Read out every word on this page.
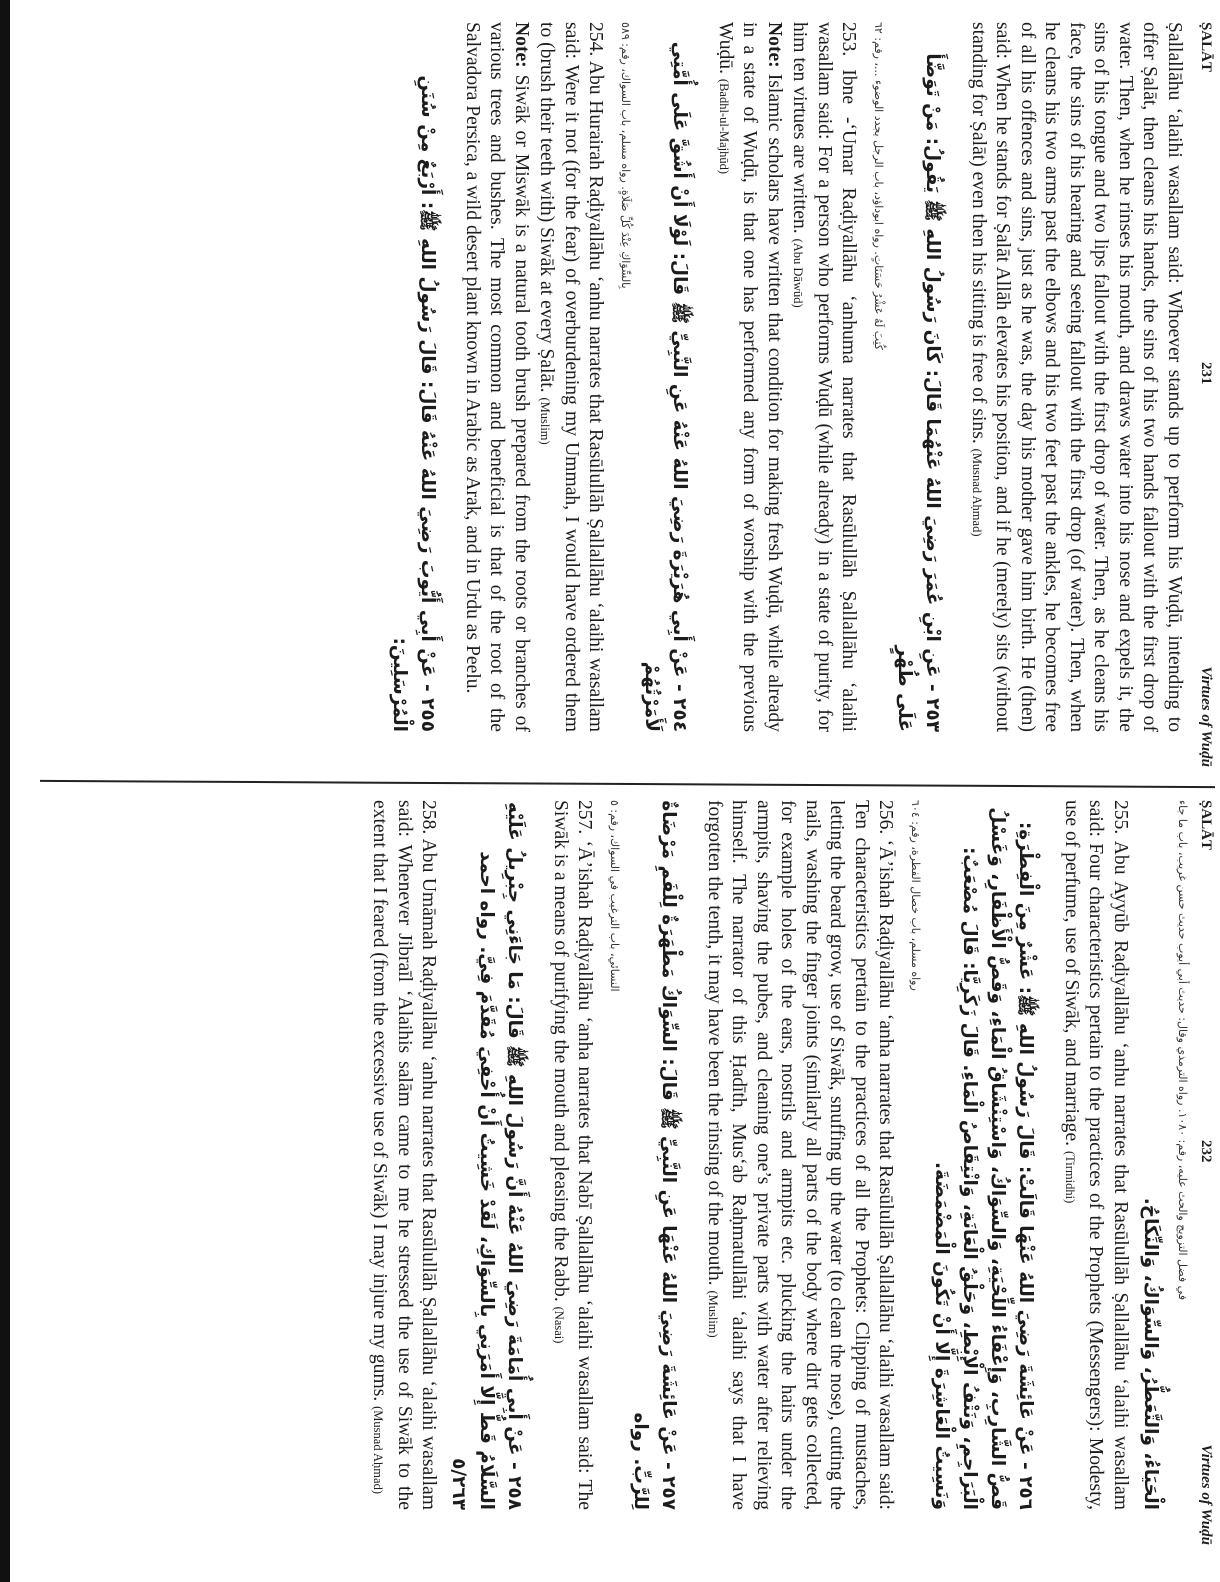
ṢALĀT
231
Virtues of Wuḍū

Ṣallallāhu ‘alaihi wasallam said: Whoever stands up to perform his Wuḍū, intending to offer Ṣalāt, then cleans his hands, the sins of his two hands fallout with the first drop of water. Then, when he rinses his mouth, and draws water into his nose and expels it, the sins of his tongue and two lips fallout with the first drop of water. Then, as he cleans his face, the sins of his hearing and seeing fallout with the first drop (of water). Then, when he cleans his two arms past the elbows and his two feet past the ankles, he becomes free of all his offences and sins, just as he was, the day his mother gave him birth. He (then) said: When he stands for Ṣalāt Allāh elevates his position, and if he (merely) sits (without standing for Ṣalāt) even then his sitting is free of sins. (Musnad Aḥmad)

٢٥٣ - عَنِ ابْنِ عُمَرَ رَضِيَ اللهُ عَنْهُمَا قَالَ: كَانَ رَسُولُ اللهِ ﷺ يَقُولُ: مَنْ تَوَضَّأَ عَلَى طُهْرٍ

كُتِبَ لَهُ عَشْرُ حَسَنَاتٍ. رواه ابوداؤد، باب الرجل يجدد الوضوء ...، رقم: ٦٢

253. Ibne -‘Umar Raḍiyallāhu ‘anhuma narrates that Rasūlullāh Ṣallallāhu ‘alaihi wasallam said: For a person who performs Wuḍū (while already) in a state of purity, for him ten virtues are written. (Abu Dāwūd)

Note: Islamic scholars have written that condition for making fresh Wuḍū, while already in a state of Wuḍū, is that one has performed any form of worship with the previous Wuḍū. (Badhl-ul-Majhūd)

٢٥٤ - عَنْ أَبِي هُرَيْرَةَ رَضِيَ اللهُ عَنْهُ عَنِ النَّبِيِّ ﷺ قَالَ: لَوْلَا أَنْ أَشُقَّ عَلَى أُمَّتِي لَأَمَرْتُهُمْ

بِالسِّوَاكِ عِنْدَ كُلِّ صَلَاةٍ. رواه مسلم، باب السواك، رقم: ٥٨٩

254. Abu Hurairah Raḍiyallāhu ‘anhu narrates that Rasūlullāh Ṣallallāhu ‘alaihi wasallam said: Were it not (for the fear) of overburdening my Ummah, I would have ordered them to (brush their teeth with) Siwāk at every Ṣalāt. (Muslim)

Note: Siwāk or Miswāk is a natural tooth brush prepared from the roots or branches of various trees and bushes. The most common and beneficial is that of the root of the Salvadora Persica, a wild desert plant known in Arabic as Arak, and in Urdu as Peelu.

٢٥٥ - عَنْ أَبِي أَيُّوبَ رَضِيَ اللهُ عَنْهُ قَالَ: قَالَ رَسُولُ اللهِ ﷺ: أَرْبَعٌ مِنْ سُنَنِ الْمُرْسَلِينَ:

ṢALĀT
232
Virtues of Wuḍū

في فضل التزويج والحث عليه، رقم: ١٠٨٠. رواه الترمذي وقال: حديث أبي أيوب حديث حسن غريب، باب ما جاء

الْحَيَاءُ، وَالتَّعَطُّرُ، وَالسِّوَاكُ، وَالنِّكَاحُ.

255. Abu Ayyūb Raḍiyallāhu ‘anhu narrates that Rasūlullāh Ṣallallāhu ‘alaihi wasallam said: Four characteristics pertain to the practices of the Prophets (Messengers): Modesty, use of perfume, use of Siwāk, and marriage. (Tirmidhi)

٢٥٦ - عَنْ عَائِشَةَ رَضِيَ اللهُ عَنْهَا قَالَتْ: قَالَ رَسُولُ اللهِ ﷺ: عَشْرٌ مِنَ الْفِطْرَةِ: قَصُّ الشَّارِبِ، وَإِعْفَاءُ اللِّحْيَةِ، وَالسِّوَاكُ، وَاسْتِنْشَاقُ الْمَاءِ، وَقَصُّ الْأَظْفَارِ، وَغَسْلُ الْبَرَاجِمِ، وَنَتْفُ الْإِبْطِ، وَحَلْقُ الْعَانَةِ، وَانْتِقَاصُ الْمَاءِ. قَالَ زَكَرِيَّا: قَالَ مُصْعَبٌ: وَنَسِيتُ الْعَاشِرَةَ إِلَّا أَنْ تَكُونَ الْمَضْمَضَةَ.

رواه مسلم، باب خصال الفطرة، رقم: ٦٠٤

256. ‘Ā’ishah Raḍiyallāhu ‘anha narrates that Rasūlullāh Ṣallallāhu ‘alaihi wasallam said: Ten characteristics pertain to the practices of all the Prophets: Clipping of mustaches, letting the beard grow, use of Siwāk, snuffing up the water (to clean the nose), cutting the nails, washing the finger joints (similarly all parts of the body where dirt gets collected, for example holes of the ears, nostrils and armpits etc. plucking the hairs under the armpits, shaving the pubes, and cleaning one’s private parts with water after relieving himself. The narrator of this Ḥadīth, Mus‘ab Raḥmatullāhi ‘alaihi says that I have forgotten the tenth, it may have been the rinsing of the mouth. (Muslim)

٢٥٧ - عَنْ عَائِشَةَ رَضِيَ اللهُ عَنْهَا عَنِ النَّبِيِّ ﷺ قَالَ: السِّوَاكُ مَطْهَرَةٌ لِلْفَمِ مَرْضَاةٌ لِلرَّبِّ. رواه

النسائي، باب الترغيب في السواك، رقم: ٥

257. ‘Ā’ishah Raḍiyallāhu ‘anha narrates that Nabī Ṣallallāhu ‘alaihi wasallam said: The Siwāk is a means of purifying the mouth and pleasing the Rabb. (Nasai)

٢٥٨ - عَنْ أَبِي أُمَامَةَ رَضِيَ اللهُ عَنْهُ أَنَّ رَسُولَ اللهِ ﷺ قَالَ: مَا جَاءَنِي جِبْرِيلُ عَلَيْهِ السَّلَامُ قَطُّ إِلَّا أَمَرَنِي بِالسِّوَاكِ، لَقَدْ خَشِيتُ أَنْ أُحْفِيَ مُقَدَّمَ فِيَّ. رواه احمد ٥/٢٦٣

258. Abu Umāmah Raḍiyallāhu ‘anhu narrates that Rasūlullāh Ṣallallāhu ‘alaihi wasallam said: Whenever Jibraīl ‘Alaihis salām came to me he stressed the use of Siwāk to the extent that I feared (from the excessive use of Siwāk) I may injure my gums. (Musnad Aḥmad)
